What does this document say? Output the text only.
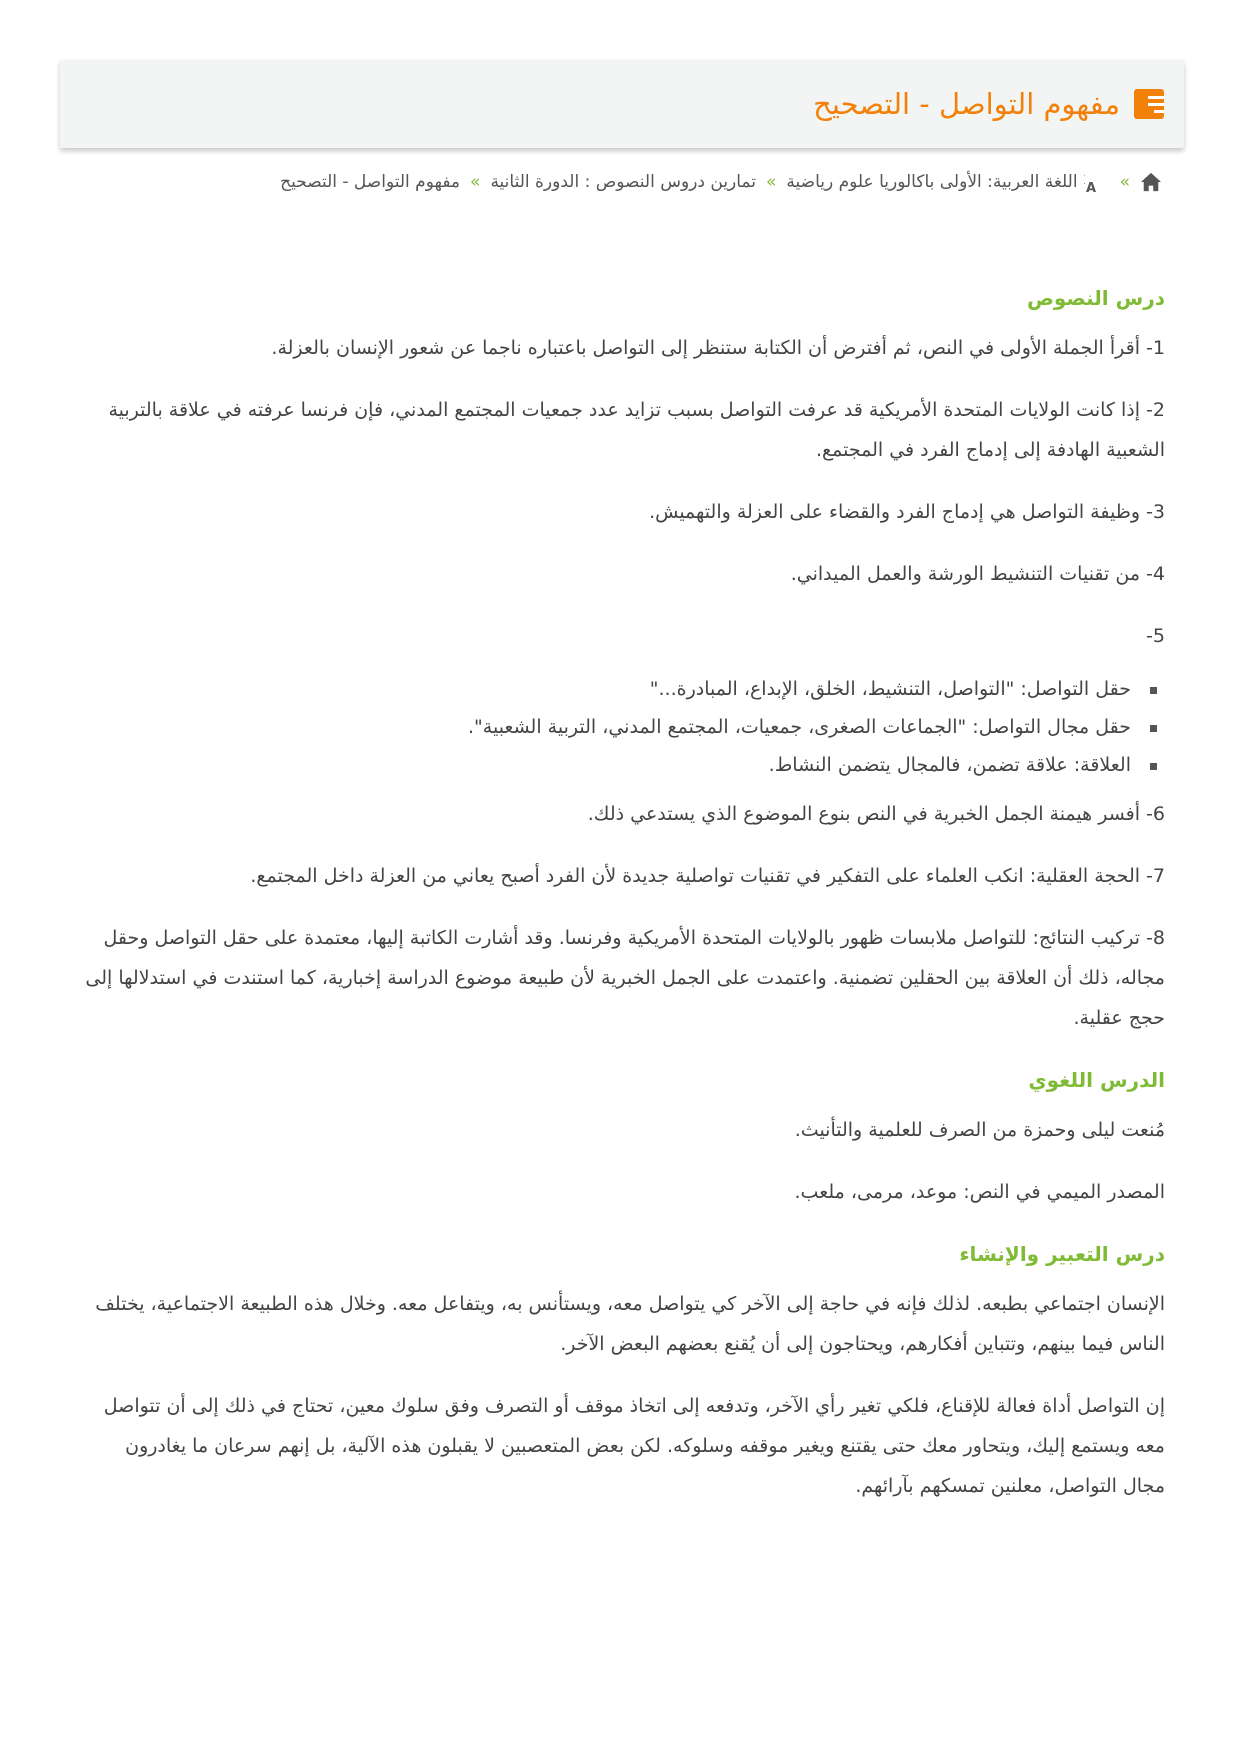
مفهوم التواصل - التصحيح
»
A
اللغة العربية: الأولى باكالوريا علوم رياضية
»
تمارين دروس النصوص : الدورة الثانية
»
مفهوم التواصل - التصحيح
درس النصوص

1- أقرأ الجملة الأولى في النص، ثم أفترض أن الكتابة ستنظر إلى التواصل باعتباره ناجما عن شعور الإنسان بالعزلة.

2- إذا كانت الولايات المتحدة الأمريكية قد عرفت التواصل بسبب تزايد عدد جمعيات المجتمع المدني، فإن فرنسا عرفته في علاقة بالتربية الشعبية الهادفة إلى إدماج الفرد في المجتمع.

3- وظيفة التواصل هي إدماج الفرد والقضاء على العزلة والتهميش.

4- من تقنيات التنشيط الورشة والعمل الميداني.

5-

حقل التواصل: "التواصل، التنشيط، الخلق، الإبداع، المبادرة..."
حقل مجال التواصل: "الجماعات الصغرى، جمعيات، المجتمع المدني، التربية الشعبية".
العلاقة: علاقة تضمن، فالمجال يتضمن النشاط.

6- أفسر هيمنة الجمل الخبرية في النص بنوع الموضوع الذي يستدعي ذلك.

7- الحجة العقلية: انكب العلماء على التفكير في تقنيات تواصلية جديدة لأن الفرد أصبح يعاني من العزلة داخل المجتمع.

8- تركيب النتائج: للتواصل ملابسات ظهور بالولايات المتحدة الأمريكية وفرنسا. وقد أشارت الكاتبة إليها، معتمدة على حقل التواصل وحقل مجاله، ذلك أن العلاقة بين الحقلين تضمنية. واعتمدت على الجمل الخبرية لأن طبيعة موضوع الدراسة إخبارية، كما استندت في استدلالها إلى حجج عقلية.

الدرس اللغوي

مُنعت ليلى وحمزة من الصرف للعلمية والتأنيث.

المصدر الميمي في النص: موعد، مرمى، ملعب.

درس التعبير والإنشاء

الإنسان اجتماعي بطبعه. لذلك فإنه في حاجة إلى الآخر كي يتواصل معه، ويستأنس به، ويتفاعل معه. وخلال هذه الطبيعة الاجتماعية، يختلف الناس فيما بينهم، وتتباين أفكارهم، ويحتاجون إلى أن يُقنع بعضهم البعض الآخر.

إن التواصل أداة فعالة للإقناع، فلكي تغير رأي الآخر، وتدفعه إلى اتخاذ موقف أو التصرف وفق سلوك معين، تحتاج في ذلك إلى أن تتواصل معه ويستمع إليك، ويتحاور معك حتى يقتنع ويغير موقفه وسلوكه. لكن بعض المتعصبين لا يقبلون هذه الآلية، بل إنهم سرعان ما يغادرون مجال التواصل، معلنين تمسكهم بآرائهم.
